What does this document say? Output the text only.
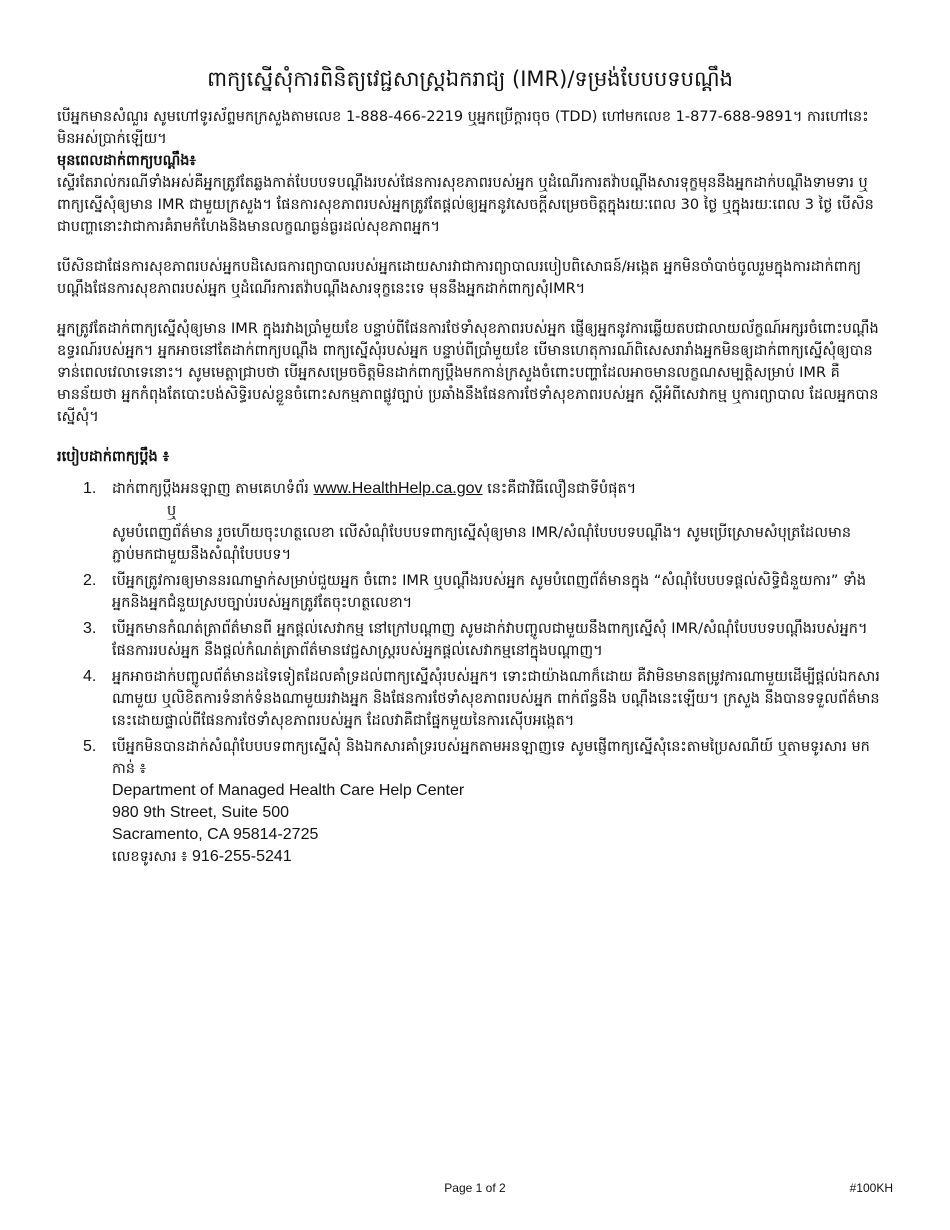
ពាក្យស្នើសុំការពិនិត្យវេជ្ជសាស្ត្រឯករាជ្យ (IMR)/ទម្រង់បែបបទបណ្តឹង

បើអ្នកមានសំណួរ សូមហៅទូរស័ព្ទមកក្រសួងតាមលេខ 1-888-466-2219 ឬអ្នកប្រើក្តារចុច (TDD) ហៅមកលេខ 1-877-688-9891។ ការហៅនេះមិនអស់ប្រាក់ឡើយ។

មុនពេលដាក់ពាក្យបណ្តឹង៖

ស្ទើរតែរាល់ករណីទាំងអស់គឺអ្នកត្រូវតែឆ្លងកាត់បែបបទបណ្តឹងរបស់ផែនការសុខភាពរបស់អ្នក ឬដំណើរការតវ៉ាបណ្តឹងសារទុក្ខមុននឹងអ្នកដាក់បណ្តឹងទាមទារ ឬពាក្យស្នើសុំឲ្យមាន IMR ជាមួយក្រសួង។ ផែនការសុខភាពរបស់អ្នកត្រូវតែផ្តល់ឲ្យអ្នកនូវសេចក្តីសម្រេចចិត្តក្នុងរយៈពេល 30 ថ្ងៃ ឬក្នុងរយៈពេល 3 ថ្ងៃ បើសិនជាបញ្ហានោះវាជាការគំរាមកំហែងនិងមានលក្ខណធ្ងន់ធ្ងរដល់សុខភាពអ្នក។

បើសិនជាផែនការសុខភាពរបស់អ្នកបដិសេធការព្យាបាលរបស់អ្នកដោយសារវាជាការព្យាបាលរបៀបពិសោធន៍/អង្កេត អ្នកមិនចាំបាច់ចូលរួមក្នុងការដាក់ពាក្យបណ្តឹងផែនការសុខភាពរបស់អ្នក ឬដំណើរការតវ៉ាបណ្តឹងសារទុក្ខនេះទេ មុននឹងអ្នកដាក់ពាក្យសុំIMR។

អ្នកត្រូវតែដាក់ពាក្យស្នើសុំឲ្យមាន IMR ក្នុងរវាងប្រាំមួយខែ បន្ទាប់ពីផែនការថែទាំសុខភាពរបស់អ្នក ផ្ញើឲ្យអ្នកនូវការឆ្លើយតបជាលាយល័ក្ខណ៍អក្សរចំពោះបណ្តឹងឧទ្ធរណ៍របស់អ្នក។ អ្នកអាចនៅតែដាក់ពាក្យបណ្តឹង ពាក្យស្នើសុំរបស់អ្នក បន្ទាប់ពីប្រាំមួយខែ បើមានហេតុការណ៍ពិសេសរារាំងអ្នកមិនឲ្យដាក់ពាក្យស្នើសុំឲ្យបានទាន់ពេលវេលាទេនោះ។ សូមមេត្តាជ្រាបថា បើអ្នកសម្រេចចិត្តមិនដាក់ពាក្យប្តឹងមកកាន់ក្រសួងចំពោះបញ្ហាដែលអាចមានលក្ខណសម្បត្តិសម្រាប់ IMR គឺមានន័យថា អ្នកកំពុងតែបោះបង់សិទ្ធិរបស់ខ្លួនចំពោះសកម្មភាពផ្លូវច្បាប់ ប្រឆាំងនឹងផែនការថែទាំសុខភាពរបស់អ្នក ស្តីអំពីសេវាកម្ម ឬការព្យាបាល ដែលអ្នកបានស្នើសុំ។

របៀបដាក់ពាក្យប្តឹង ៖

1. ដាក់ពាក្យប្តឹងអនឡាញ តាមគេហទំព័រ www.HealthHelp.ca.gov នេះគឺជាវិធីលឿនជាទីបំផុត។
ឬ
សូមបំពេញព័ត៌មាន រួចហើយចុះហត្ថលេខា លើសំណុំបែបបទពាក្យស្នើសុំឲ្យមាន IMR/សំណុំបែបបទបណ្តឹង។ សូមប្រើស្រោមសំបុត្រដែលមានភ្ជាប់មកជាមួយនឹងសំណុំបែបបទ។
2. បើអ្នកត្រូវការឲ្យមាននរណាម្នាក់សម្រាប់ជួយអ្នក ចំពោះ IMR ឬបណ្តឹងរបស់អ្នក សូមបំពេញព័ត៌មានក្នុង “សំណុំបែបបទផ្តល់សិទ្ធិជំនួយការ” ទាំងអ្នកនិងអ្នកជំនួយស្របច្បាប់របស់អ្នកត្រូវតែចុះហត្ថលេខា។
3. បើអ្នកមានកំណត់ត្រាព័ត៌មានពី អ្នកផ្តល់សេវាកម្ម នៅក្រៅបណ្តាញ សូមដាក់វាបញ្ចូលជាមួយនឹងពាក្យស្នើសុំ IMR/សំណុំបែបបទបណ្តឹងរបស់អ្នក។ ផែនការរបស់អ្នក នឹងផ្តល់កំណត់ត្រាព័ត៌មានវេជ្ជសាស្ត្ររបស់អ្នកផ្តល់សេវាកម្មនៅក្នុងបណ្តាញ។
4. អ្នកអាចដាក់បញ្ចូលព័ត៌មានដទៃទៀតដែលគាំទ្រដល់ពាក្យស្នើសុំរបស់អ្នក។ ទោះជាយ៉ាងណាក៏ដោយ គឺវាមិនមានតម្រូវការណាមួយដើម្បីផ្តល់ឯកសារណាមួយ ឬលិខិតការទំនាក់ទំនងណាមួយរវាងអ្នក និងផែនការថែទាំសុខភាពរបស់អ្នក ពាក់ព័ន្ធនឹង បណ្តឹងនេះឡើយ។ ក្រសួង នឹងបានទទួលព័ត៌មាននេះដោយផ្ទាល់ពីផែនការថែទាំសុខភាពរបស់អ្នក ដែលវាគឺជាផ្នែកមួយនៃការស៊ើបអង្កេត។
5. បើអ្នកមិនបានដាក់សំណុំបែបបទពាក្យស្នើសុំ និងឯកសារគាំទ្ររបស់អ្នកតាមអនឡាញទេ សូមផ្ញើពាក្យស្នើសុំនេះតាមប្រៃសណីយ៍ ឬតាមទូរសារ មកកាន់ ៖
Department of Managed Health Care Help Center
980 9th Street, Suite 500
Sacramento, CA 95814-2725
លេខទូរសារ ៖ 916-255-5241
Page 1 of 2	#100KH
